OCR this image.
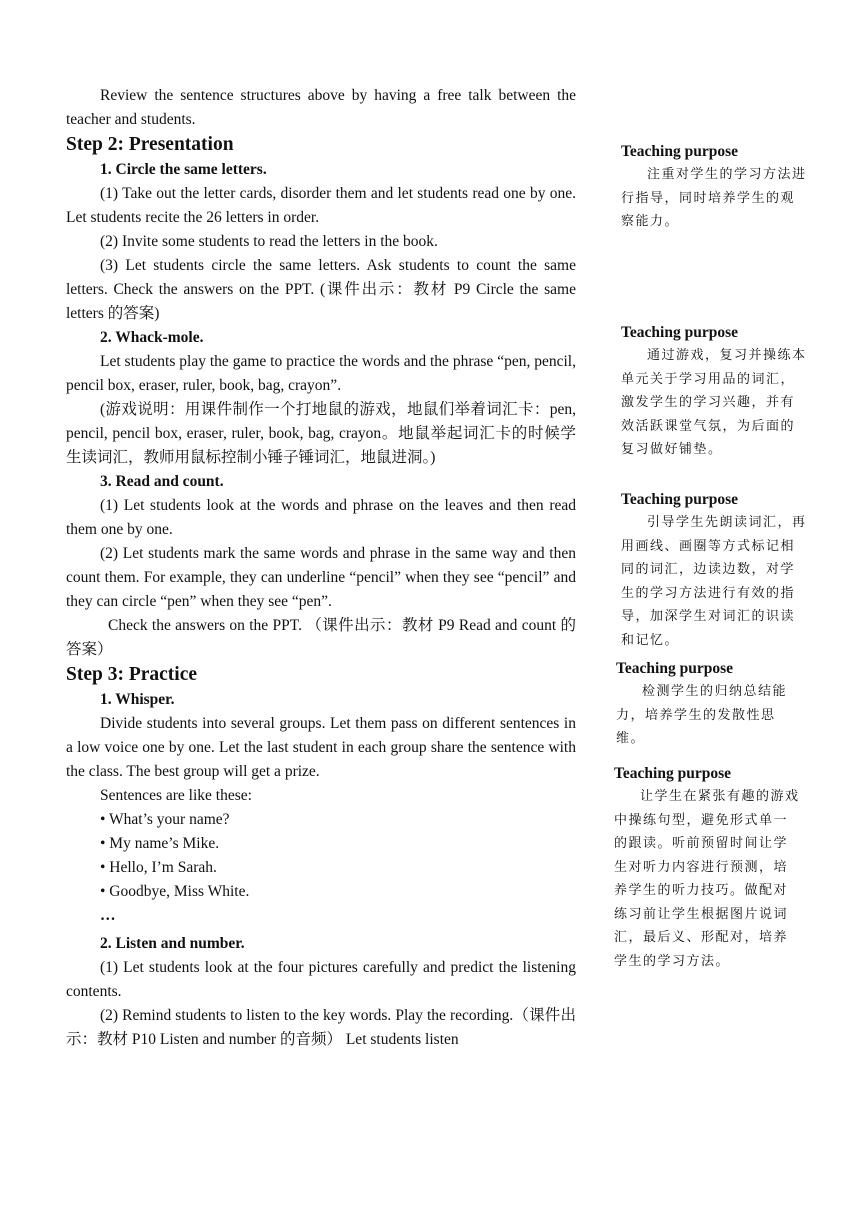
Review the sentence structures above by having a free talk between the teacher and students.

Step 2: Presentation

1. Circle the same letters.

(1) Take out the letter cards, disorder them and let students read one by one. Let students recite the 26 letters in order.

(2) Invite some students to read the letters in the book.

(3) Let students circle the same letters. Ask students to count the same letters. Check the answers on the PPT. (课件出示：教材 P9 Circle the same letters 的答案)

2. Whack-mole.

Let students play the game to practice the words and the phrase “pen, pencil, pencil box, eraser, ruler, book, bag, crayon”.

(游戏说明：用课件制作一个打地鼠的游戏，地鼠们举着词汇卡：pen, pencil, pencil box, eraser, ruler, book, bag, crayon。地鼠举起词汇卡的时候学生读词汇，教师用鼠标控制小锤子锤词汇，地鼠进洞。)

3. Read and count.

(1) Let students look at the words and phrase on the leaves and then read them one by one.

(2) Let students mark the same words and phrase in the same way and then count them. For example, they can underline “pencil” when they see “pencil” and they can circle “pen” when they see “pen”.

Check the answers on the PPT. （课件出示：教材 P9 Read and count 的答案）

Step 3: Practice

1. Whisper.

Divide students into several groups. Let them pass on different sentences in a low voice one by one. Let the last student in each group share the sentence with the class. The best group will get a prize.

Sentences are like these:

• What’s your name?

• My name’s Mike.

• Hello, I’m Sarah.

• Goodbye, Miss White.

…

2. Listen and number.

(1) Let students look at the four pictures carefully and predict the listening contents.

(2) Remind students to listen to the key words. Play the recording.（课件出示：教材 P10 Listen and number 的音频） Let students listen

Teaching purpose

注重对学生的学习方法进行指导，同时培养学生的观察能力。

Teaching purpose

通过游戏，复习并操练本单元关于学习用品的词汇，激发学生的学习兴趣，并有效活跃课堂气氛，为后面的复习做好铺垫。

Teaching purpose

引导学生先朗读词汇，再用画线、画圈等方式标记相同的词汇，边读边数，对学生的学习方法进行有效的指导，加深学生对词汇的识读和记忆。

Teaching purpose

检测学生的归纳总结能力，培养学生的发散性思维。

Teaching purpose

让学生在紧张有趣的游戏中操练句型，避免形式单一的跟读。听前预留时间让学生对听力内容进行预测，培养学生的听力技巧。做配对练习前让学生根据图片说词汇，最后义、形配对，培养学生的学习方法。
